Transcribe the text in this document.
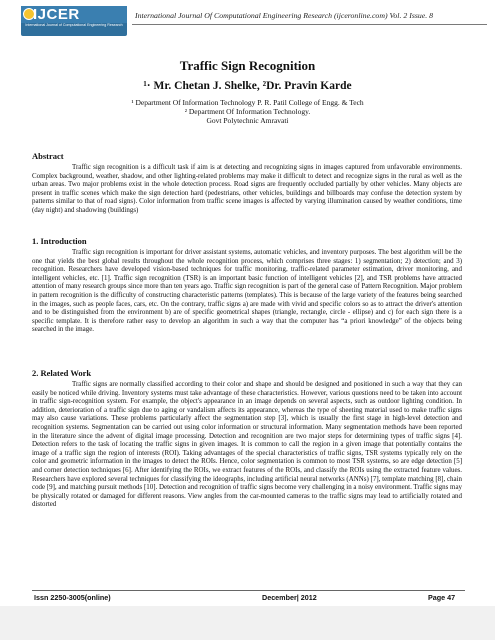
IJCER
International Journal of Computational Engineering Research
International Journal Of Computational Engineering Research (ijceronline.com) Vol. 2 Issue. 8
Traffic Sign Recognition
¹· Mr. Chetan J. Shelke, ²Dr. Pravin Karde
¹ Department Of Information Technology P. R. Patil College of Engg. & Tech
² Department Of Information Technology.
Govt Polytechnic Amravati
Abstract

Traffic sign recognition is a difficult task if aim is at detecting and recognizing signs in images captured from unfavorable environments. Complex background, weather, shadow, and other lighting-related problems may make it difficult to detect and recognize signs in the rural as well as the urban areas. Two major problems exist in the whole detection process. Road signs are frequently occluded partially by other vehicles. Many objects are present in traffic scenes which make the sign detection hard (pedestrians, other vehicles, buildings and billboards may confuse the detection system by patterns similar to that of road signs). Color information from traffic scene images is affected by varying illumination caused by weather conditions, time (day night) and shadowing (buildings)

1. Introduction

Traffic sign recognition is important for driver assistant systems, automatic vehicles, and inventory purposes. The best algorithm will be the one that yields the best global results throughout the whole recognition process, which comprises three stages: 1) segmentation; 2) detection; and 3) recognition. Researchers have developed vision-based techniques for traffic monitoring, traffic-related parameter estimation, driver monitoring, and intelligent vehicles, etc. [1]. Traffic sign recognition (TSR) is an important basic function of intelligent vehicles [2], and TSR problems have attracted attention of many research groups since more than ten years ago. Traffic sign recognition is part of the general case of Pattern Recognition. Major problem in pattern recognition is the difficulty of constructing characteristic patterns (templates). This is because of the large variety of the features being searched in the images, such as people faces, cars, etc. On the contrary, traffic signs a) are made with vivid and specific colors so as to attract the driver's attention and to be distinguished from the environment b) are of specific geometrical shapes (triangle, rectangle, circle - ellipse) and c) for each sign there is a specific template. It is therefore rather easy to develop an algorithm in such a way that the computer has “a priori knowledge” of the objects being searched in the image.

2. Related Work

Traffic signs are normally classified according to their color and shape and should be designed and positioned in such a way that they can easily be noticed while driving. Inventory systems must take advantage of these characteristics. However, various questions need to be taken into account in traffic sign-recognition system. For example, the object's appearance in an image depends on several aspects, such as outdoor lighting condition. In addition, deterioration of a traffic sign due to aging or vandalism affects its appearance, whereas the type of sheeting material used to make traffic signs may also cause variations. These problems particularly affect the segmentation step [3], which is usually the first stage in high-level detection and recognition systems. Segmentation can be carried out using color information or structural information. Many segmentation methods have been reported in the literature since the advent of digital image processing. Detection and recognition are two major steps for determining types of traffic signs [4]. Detection refers to the task of locating the traffic signs in given images. It is common to call the region in a given image that potentially contains the image of a traffic sign the region of interests (ROI). Taking advantages of the special characteristics of traffic signs, TSR systems typically rely on the color and geometric information in the images to detect the ROIs. Hence, color segmentation is common to most TSR systems, so are edge detection [5] and corner detection techniques [6]. After identifying the ROIs, we extract features of the ROIs, and classify the ROIs using the extracted feature values. Researchers have explored several techniques for classifying the ideographs, including artificial neural networks (ANNs) [7], template matching [8], chain code [9], and matching pursuit methods [10]. Detection and recognition of traffic signs become very challenging in a noisy environment. Traffic signs may be physically rotated or damaged for different reasons. View angles from the car-mounted cameras to the traffic signs may lead to artificially rotated and distorted

Issn 2250-3005(online)	December| 2012	Page 47
